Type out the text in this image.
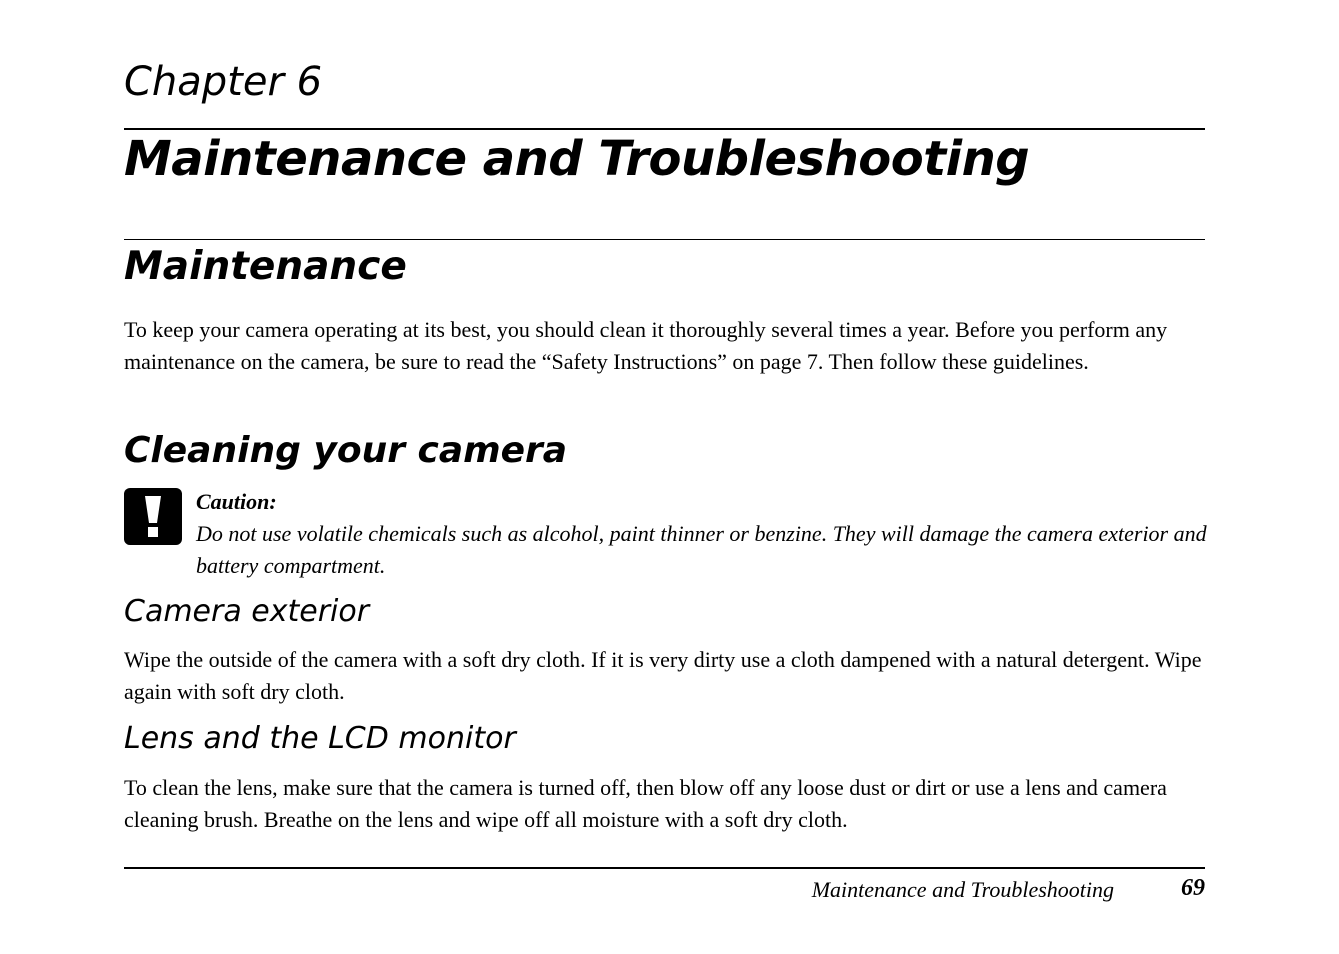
Chapter 6
Maintenance and Troubleshooting
Maintenance

To keep your camera operating at its best, you should clean it thoroughly several times a year. Before you perform any maintenance on the camera, be sure to read the “Safety Instructions” on page 7. Then follow these guidelines.

Cleaning your camera
Caution:

Do not use volatile chemicals such as alcohol, paint thinner or benzine. They will damage the camera exterior and battery compartment.

Camera exterior

Wipe the outside of the camera with a soft dry cloth. If it is very dirty use a cloth dampened with a natural detergent. Wipe again with soft dry cloth.

Lens and the LCD monitor

To clean the lens, make sure that the camera is turned off, then blow off any loose dust or dirt or use a lens and camera cleaning brush. Breathe on the lens and wipe off all moisture with a soft dry cloth.

Maintenance and Troubleshooting	69
